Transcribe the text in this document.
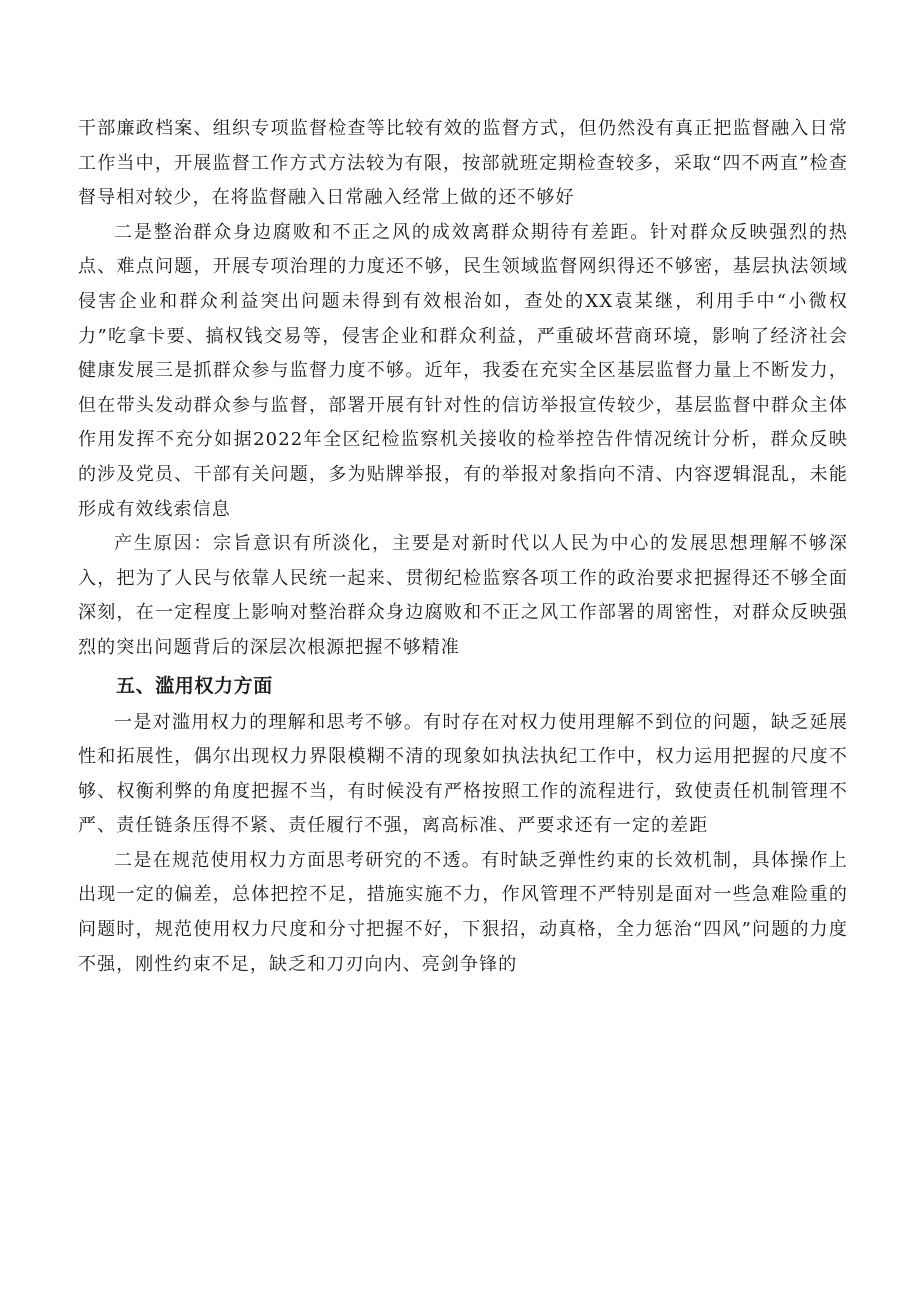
干部廉政档案、组织专项监督检查等比较有效的监督方式，但仍然没有真正把监督融入日常工作当中，开展监督工作方式方法较为有限，按部就班定期检查较多，采取“四不两直”检查督导相对较少，在将监督融入日常融入经常上做的还不够好

二是整治群众身边腐败和不正之风的成效离群众期待有差距。针对群众反映强烈的热点、难点问题，开展专项治理的力度还不够，民生领域监督网织得还不够密，基层执法领域侵害企业和群众利益突出问题未得到有效根治如，查处的XX袁某继，利用手中“小微权力”吃拿卡要、搞权钱交易等，侵害企业和群众利益，严重破坏营商环境，影响了经济社会健康发展三是抓群众参与监督力度不够。近年，我委在充实全区基层监督力量上不断发力，但在带头发动群众参与监督，部署开展有针对性的信访举报宣传较少，基层监督中群众主体作用发挥不充分如据2022年全区纪检监察机关接收的检举控告件情况统计分析，群众反映的涉及党员、干部有关问题，多为贴牌举报，有的举报对象指向不清、内容逻辑混乱，未能形成有效线索信息

产生原因：宗旨意识有所淡化，主要是对新时代以人民为中心的发展思想理解不够深入，把为了人民与依靠人民统一起来、贯彻纪检监察各项工作的政治要求把握得还不够全面深刻，在一定程度上影响对整治群众身边腐败和不正之风工作部署的周密性，对群众反映强烈的突出问题背后的深层次根源把握不够精准

五、滥用权力方面

一是对滥用权力的理解和思考不够。有时存在对权力使用理解不到位的问题，缺乏延展性和拓展性，偶尔出现权力界限模糊不清的现象如执法执纪工作中，权力运用把握的尺度不够、权衡利弊的角度把握不当，有时候没有严格按照工作的流程进行，致使责任机制管理不严、责任链条压得不紧、责任履行不强，离高标准、严要求还有一定的差距

二是在规范使用权力方面思考研究的不透。有时缺乏弹性约束的长效机制，具体操作上出现一定的偏差，总体把控不足，措施实施不力，作风管理不严特别是面对一些急难险重的问题时，规范使用权力尺度和分寸把握不好，下狠招，动真格，全力惩治“四风”问题的力度不强，刚性约束不足，缺乏和刀刃向内、亮剑争锋的
